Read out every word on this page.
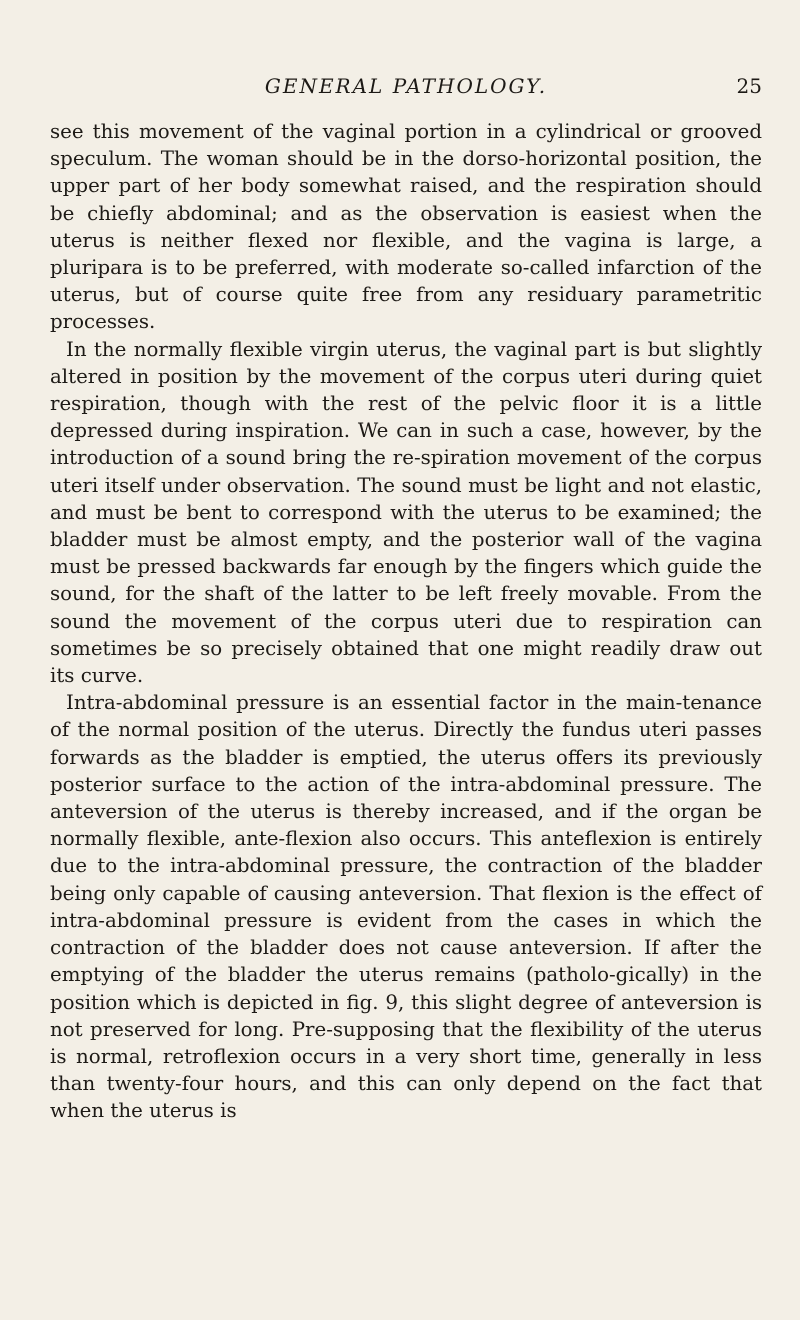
GENERAL PATHOLOGY.	25

see this movement of the vaginal portion in a cylindrical or grooved speculum. The woman should be in the dorso-horizontal position, the upper part of her body somewhat raised, and the respiration should be chiefly abdominal; and as the observation is easiest when the uterus is neither flexed nor flexible, and the vagina is large, a pluripara is to be preferred, with moderate so-called infarction of the uterus, but of course quite free from any residuary parametritic processes.

In the normally flexible virgin uterus, the vaginal part is but slightly altered in position by the movement of the corpus uteri during quiet respiration, though with the rest of the pelvic floor it is a little depressed during inspiration. We can in such a case, however, by the introduction of a sound bring the re-spiration movement of the corpus uteri itself under observation. The sound must be light and not elastic, and must be bent to correspond with the uterus to be examined; the bladder must be almost empty, and the posterior wall of the vagina must be pressed backwards far enough by the fingers which guide the sound, for the shaft of the latter to be left freely movable. From the sound the movement of the corpus uteri due to respiration can sometimes be so precisely obtained that one might readily draw out its curve.

Intra-abdominal pressure is an essential factor in the main-tenance of the normal position of the uterus. Directly the fundus uteri passes forwards as the bladder is emptied, the uterus offers its previously posterior surface to the action of the intra-abdominal pressure. The anteversion of the uterus is thereby increased, and if the organ be normally flexible, ante-flexion also occurs. This anteflexion is entirely due to the intra-abdominal pressure, the contraction of the bladder being only capable of causing anteversion. That flexion is the effect of intra-abdominal pressure is evident from the cases in which the contraction of the bladder does not cause anteversion. If after the emptying of the bladder the uterus remains (patholo-gically) in the position which is depicted in fig. 9, this slight degree of anteversion is not preserved for long. Pre-supposing that the flexibility of the uterus is normal, retroflexion occurs in a very short time, generally in less than twenty-four hours, and this can only depend on the fact that when the uterus is
